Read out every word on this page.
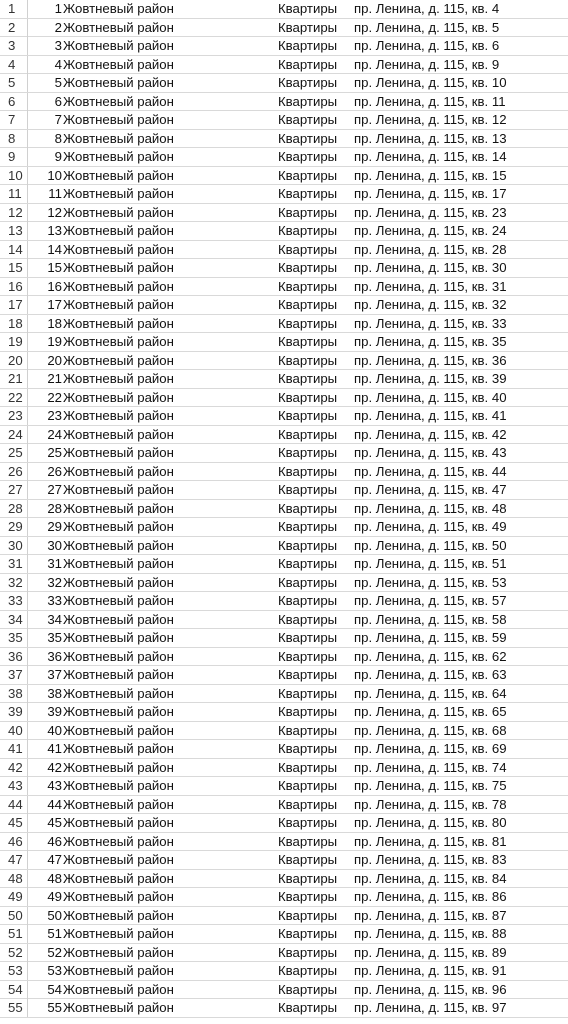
1	1 Жовтневый район	Квартиры	пр. Ленина, д. 115, кв. 4
2	2 Жовтневый район	Квартиры	пр. Ленина, д. 115, кв. 5
3	3 Жовтневый район	Квартиры	пр. Ленина, д. 115, кв. 6
4	4 Жовтневый район	Квартиры	пр. Ленина, д. 115, кв. 9
5	5 Жовтневый район	Квартиры	пр. Ленина, д. 115, кв. 10
6	6 Жовтневый район	Квартиры	пр. Ленина, д. 115, кв. 11
7	7 Жовтневый район	Квартиры	пр. Ленина, д. 115, кв. 12
8	8 Жовтневый район	Квартиры	пр. Ленина, д. 115, кв. 13
9	9 Жовтневый район	Квартиры	пр. Ленина, д. 115, кв. 14
10	10 Жовтневый район	Квартиры	пр. Ленина, д. 115, кв. 15
11	11 Жовтневый район	Квартиры	пр. Ленина, д. 115, кв. 17
12	12 Жовтневый район	Квартиры	пр. Ленина, д. 115, кв. 23
13	13 Жовтневый район	Квартиры	пр. Ленина, д. 115, кв. 24
14	14 Жовтневый район	Квартиры	пр. Ленина, д. 115, кв. 28
15	15 Жовтневый район	Квартиры	пр. Ленина, д. 115, кв. 30
16	16 Жовтневый район	Квартиры	пр. Ленина, д. 115, кв. 31
17	17 Жовтневый район	Квартиры	пр. Ленина, д. 115, кв. 32
18	18 Жовтневый район	Квартиры	пр. Ленина, д. 115, кв. 33
19	19 Жовтневый район	Квартиры	пр. Ленина, д. 115, кв. 35
20	20 Жовтневый район	Квартиры	пр. Ленина, д. 115, кв. 36
21	21 Жовтневый район	Квартиры	пр. Ленина, д. 115, кв. 39
22	22 Жовтневый район	Квартиры	пр. Ленина, д. 115, кв. 40
23	23 Жовтневый район	Квартиры	пр. Ленина, д. 115, кв. 41
24	24 Жовтневый район	Квартиры	пр. Ленина, д. 115, кв. 42
25	25 Жовтневый район	Квартиры	пр. Ленина, д. 115, кв. 43
26	26 Жовтневый район	Квартиры	пр. Ленина, д. 115, кв. 44
27	27 Жовтневый район	Квартиры	пр. Ленина, д. 115, кв. 47
28	28 Жовтневый район	Квартиры	пр. Ленина, д. 115, кв. 48
29	29 Жовтневый район	Квартиры	пр. Ленина, д. 115, кв. 49
30	30 Жовтневый район	Квартиры	пр. Ленина, д. 115, кв. 50
31	31 Жовтневый район	Квартиры	пр. Ленина, д. 115, кв. 51
32	32 Жовтневый район	Квартиры	пр. Ленина, д. 115, кв. 53
33	33 Жовтневый район	Квартиры	пр. Ленина, д. 115, кв. 57
34	34 Жовтневый район	Квартиры	пр. Ленина, д. 115, кв. 58
35	35 Жовтневый район	Квартиры	пр. Ленина, д. 115, кв. 59
36	36 Жовтневый район	Квартиры	пр. Ленина, д. 115, кв. 62
37	37 Жовтневый район	Квартиры	пр. Ленина, д. 115, кв. 63
38	38 Жовтневый район	Квартиры	пр. Ленина, д. 115, кв. 64
39	39 Жовтневый район	Квартиры	пр. Ленина, д. 115, кв. 65
40	40 Жовтневый район	Квартиры	пр. Ленина, д. 115, кв. 68
41	41 Жовтневый район	Квартиры	пр. Ленина, д. 115, кв. 69
42	42 Жовтневый район	Квартиры	пр. Ленина, д. 115, кв. 74
43	43 Жовтневый район	Квартиры	пр. Ленина, д. 115, кв. 75
44	44 Жовтневый район	Квартиры	пр. Ленина, д. 115, кв. 78
45	45 Жовтневый район	Квартиры	пр. Ленина, д. 115, кв. 80
46	46 Жовтневый район	Квартиры	пр. Ленина, д. 115, кв. 81
47	47 Жовтневый район	Квартиры	пр. Ленина, д. 115, кв. 83
48	48 Жовтневый район	Квартиры	пр. Ленина, д. 115, кв. 84
49	49 Жовтневый район	Квартиры	пр. Ленина, д. 115, кв. 86
50	50 Жовтневый район	Квартиры	пр. Ленина, д. 115, кв. 87
51	51 Жовтневый район	Квартиры	пр. Ленина, д. 115, кв. 88
52	52 Жовтневый район	Квартиры	пр. Ленина, д. 115, кв. 89
53	53 Жовтневый район	Квартиры	пр. Ленина, д. 115, кв. 91
54	54 Жовтневый район	Квартиры	пр. Ленина, д. 115, кв. 96
55	55 Жовтневый район	Квартиры	пр. Ленина, д. 115, кв. 97
